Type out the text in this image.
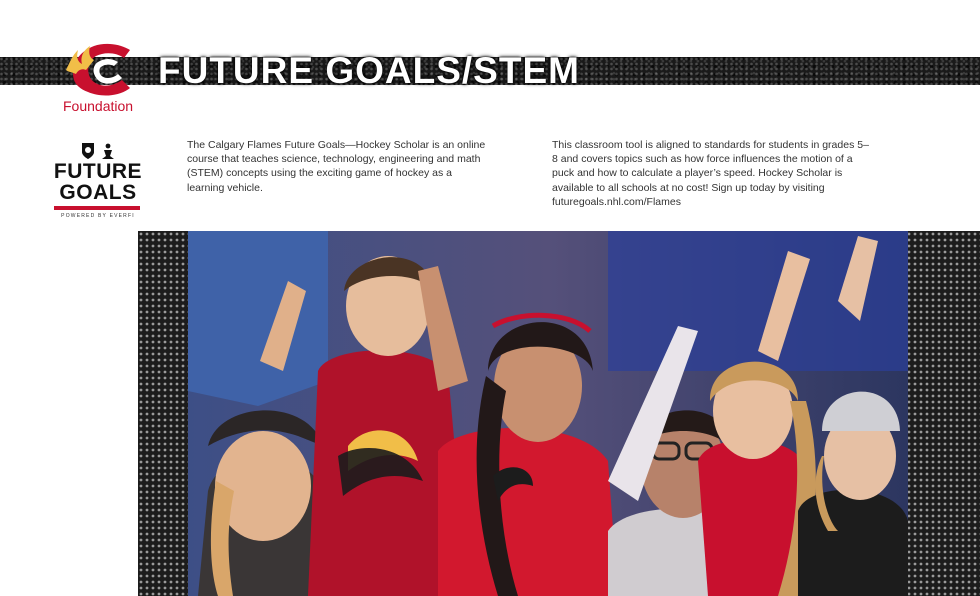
FUTURE GOALS/STEM
Foundation
FUTURE
GOALS
POWERED BY EVERFI

The Calgary Flames Future Goals—Hockey Scholar is an online course that teaches science, technology, engineering and math (STEM) concepts using the exciting game of hockey as a learning vehicle.

This classroom tool is aligned to standards for students in grades 5–8 and covers topics such as how force influences the motion of a puck and how to calculate a player’s speed. Hockey Scholar is available to all schools at no cost! Sign up today by visiting futuregoals.nhl.com/Flames
